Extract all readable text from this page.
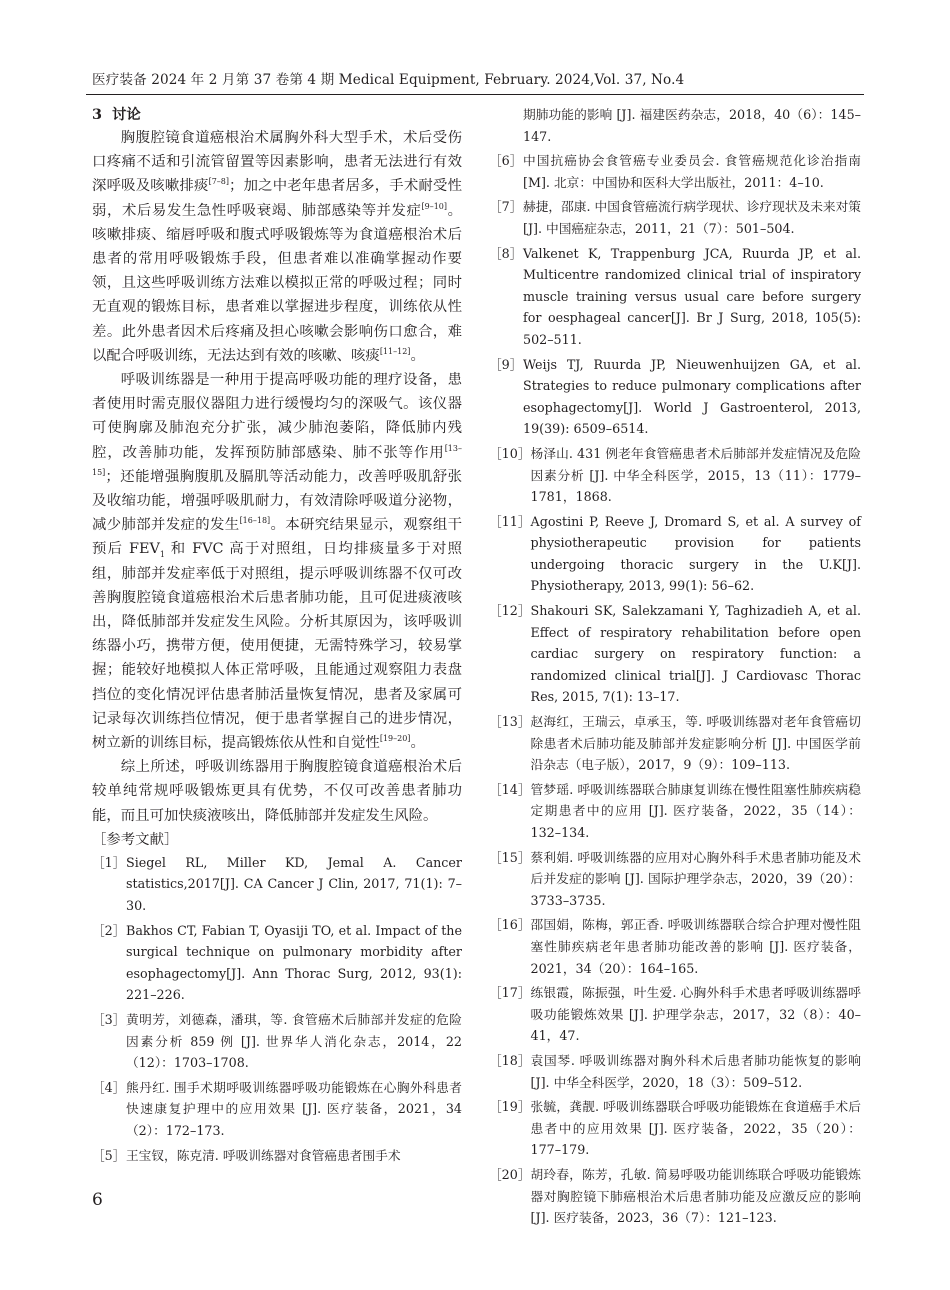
医疗装备 2024 年 2 月第 37 卷第 4 期 Medical Equipment, February. 2024,Vol. 37, No.4

3 讨论

胸腹腔镜食道癌根治术属胸外科大型手术，术后受伤口疼痛不适和引流管留置等因素影响，患者无法进行有效深呼吸及咳嗽排痰[7–8]；加之中老年患者居多，手术耐受性弱，术后易发生急性呼吸衰竭、肺部感染等并发症[9–10]。咳嗽排痰、缩唇呼吸和腹式呼吸锻炼等为食道癌根治术后患者的常用呼吸锻炼手段，但患者难以准确掌握动作要领，且这些呼吸训练方法难以模拟正常的呼吸过程；同时无直观的锻炼目标，患者难以掌握进步程度，训练依从性差。此外患者因术后疼痛及担心咳嗽会影响伤口愈合，难以配合呼吸训练，无法达到有效的咳嗽、咳痰[11–12]。

呼吸训练器是一种用于提高呼吸功能的理疗设备，患者使用时需克服仪器阻力进行缓慢均匀的深吸气。该仪器可使胸廓及肺泡充分扩张，减少肺泡萎陷，降低肺内残腔，改善肺功能，发挥预防肺部感染、肺不张等作用[13–15]；还能增强胸腹肌及膈肌等活动能力，改善呼吸肌舒张及收缩功能，增强呼吸肌耐力，有效清除呼吸道分泌物，减少肺部并发症的发生[16–18]。本研究结果显示，观察组干预后 $FEV_1$ 和 FVC 高于对照组，日均排痰量多于对照组，肺部并发症率低于对照组，提示呼吸训练器不仅可改善胸腹腔镜食道癌根治术后患者肺功能，且可促进痰液咳出，降低肺部并发症发生风险。分析其原因为，该呼吸训练器小巧，携带方便，使用便捷，无需特殊学习，较易掌握；能较好地模拟人体正常呼吸，且能通过观察阻力表盘挡位的变化情况评估患者肺活量恢复情况，患者及家属可记录每次训练挡位情况，便于患者掌握自己的进步情况，树立新的训练目标，提高锻炼依从性和自觉性[19–20]。

综上所述，呼吸训练器用于胸腹腔镜食道癌根治术后较单纯常规呼吸锻炼更具有优势，不仅可改善患者肺功能，而且可加快痰液咳出，降低肺部并发症发生风险。

［参考文献］

［1］ Siegel RL, Miller KD, Jemal A. Cancer statistics,2017[J]. CA Cancer J Clin, 2017, 71(1): 7–30.
［2］ Bakhos CT, Fabian T, Oyasiji TO, et al. Impact of the surgical technique on pulmonary morbidity after esophagectomy[J]. Ann Thorac Surg, 2012, 93(1): 221–226.
［3］ 黄明芳，刘德森，潘琪，等. 食管癌术后肺部并发症的危险因素分析 859 例 [J]. 世界华人消化杂志，2014，22（12）：1703–1708.
［4］ 熊丹红. 围手术期呼吸训练器呼吸功能锻炼在心胸外科患者快速康复护理中的应用效果 [J]. 医疗装备，2021，34（2）：172–173.
［5］ 王宝钗，陈克清. 呼吸训练器对食管癌患者围手术
期肺功能的影响 [J]. 福建医药杂志，2018，40（6）：145–147.
［6］ 中国抗癌协会食管癌专业委员会. 食管癌规范化诊治指南 [M]. 北京：中国协和医科大学出版社，2011：4–10.
［7］ 赫捷，邵康. 中国食管癌流行病学现状、诊疗现状及未来对策 [J]. 中国癌症杂志，2011，21（7）：501–504.
［8］ Valkenet K, Trappenburg JCA, Ruurda JP, et al. Multicentre randomized clinical trial of inspiratory muscle training versus usual care before surgery for oesphageal cancer[J]. Br J Surg, 2018, 105(5): 502–511.
［9］ Weijs TJ, Ruurda JP, Nieuwenhuijzen GA, et al. Strategies to reduce pulmonary complications after esophagectomy[J]. World J Gastroenterol, 2013, 19(39): 6509–6514.
［10］ 杨泽山. 431 例老年食管癌患者术后肺部并发症情况及危险因素分析 [J]. 中华全科医学，2015，13（11）：1779–1781，1868.
［11］ Agostini P, Reeve J, Dromard S, et al. A survey of physiotherapeutic provision for patients undergoing thoracic surgery in the U.K[J]. Physiotherapy, 2013, 99(1): 56–62.
［12］ Shakouri SK, Salekzamani Y, Taghizadieh A, et al. Effect of respiratory rehabilitation before open cardiac surgery on respiratory function: a randomized clinical trial[J]. J Cardiovasc Thorac Res, 2015, 7(1): 13–17.
［13］ 赵海红，王瑞云，卓承玉，等. 呼吸训练器对老年食管癌切除患者术后肺功能及肺部并发症影响分析 [J]. 中国医学前沿杂志（电子版），2017，9（9）：109–113.
［14］ 管梦瑶. 呼吸训练器联合肺康复训练在慢性阻塞性肺疾病稳定期患者中的应用 [J]. 医疗装备，2022，35（14）：132–134.
［15］ 蔡利娟. 呼吸训练器的应用对心胸外科手术患者肺功能及术后并发症的影响 [J]. 国际护理学杂志，2020，39（20）：3733–3735.
［16］ 邵国娟，陈梅，郭正香. 呼吸训练器联合综合护理对慢性阻塞性肺疾病老年患者肺功能改善的影响 [J]. 医疗装备，2021，34（20）：164–165.
［17］ 练银霞，陈振强，叶生爱. 心胸外科手术患者呼吸训练器呼吸功能锻炼效果 [J]. 护理学杂志，2017，32（8）：40–41，47.
［18］ 袁国琴. 呼吸训练器对胸外科术后患者肺功能恢复的影响 [J]. 中华全科医学，2020，18（3）：509–512.
［19］ 张毓，龚靓. 呼吸训练器联合呼吸功能锻炼在食道癌手术后患者中的应用效果 [J]. 医疗装备，2022，35（20）：177–179.
［20］ 胡玲春，陈芳，孔敏. 简易呼吸功能训练联合呼吸功能锻炼器对胸腔镜下肺癌根治术后患者肺功能及应激反应的影响 [J]. 医疗装备，2023，36（7）：121–123.
6
